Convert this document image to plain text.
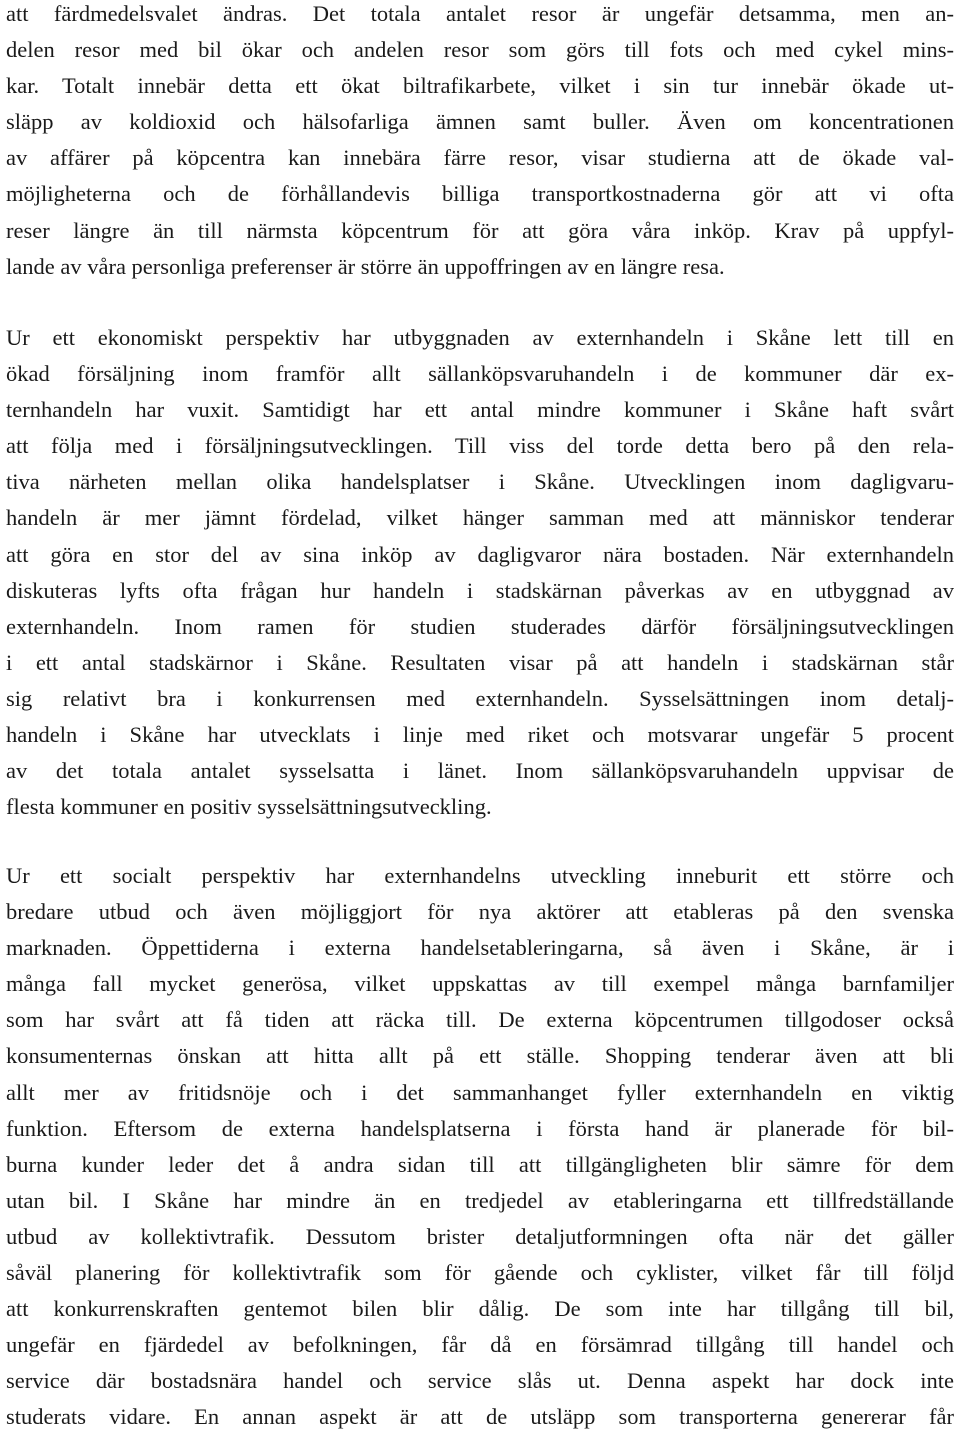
att färdmedelsvalet ändras. Det totala antalet resor är ungefär detsamma, men an-
delen resor med bil ökar och andelen resor som görs till fots och med cykel mins-
kar. Totalt innebär detta ett ökat biltrafikarbete, vilket i sin tur innebär ökade ut-
släpp av koldioxid och hälsofarliga ämnen samt buller. Även om koncentrationen
av affärer på köpcentra kan innebära färre resor, visar studierna att de ökade val-
möjligheterna och de förhållandevis billiga transportkostnaderna gör att vi ofta
reser längre än till närmsta köpcentrum för att göra våra inköp. Krav på uppfyl-
lande av våra personliga preferenser är större än uppoffringen av en längre resa.
Ur ett ekonomiskt perspektiv har utbyggnaden av externhandeln i Skåne lett till en
ökad försäljning inom framför allt sällanköpsvaruhandeln i de kommuner där ex-
ternhandeln har vuxit. Samtidigt har ett antal mindre kommuner i Skåne haft svårt
att följa med i försäljningsutvecklingen. Till viss del torde detta bero på den rela-
tiva närheten mellan olika handelsplatser i Skåne. Utvecklingen inom dagligvaru-
handeln är mer jämnt fördelad, vilket hänger samman med att människor tenderar
att göra en stor del av sina inköp av dagligvaror nära bostaden. När externhandeln
diskuteras lyfts ofta frågan hur handeln i stadskärnan påverkas av en utbyggnad av
externhandeln. Inom ramen för studien studerades därför försäljningsutvecklingen
i ett antal stadskärnor i Skåne. Resultaten visar på att handeln i stadskärnan står
sig relativt bra i konkurrensen med externhandeln. Sysselsättningen inom detalj-
handeln i Skåne har utvecklats i linje med riket och motsvarar ungefär 5 procent
av det totala antalet sysselsatta i länet. Inom sällanköpsvaruhandeln uppvisar de
flesta kommuner en positiv sysselsättningsutveckling.
Ur ett socialt perspektiv har externhandelns utveckling inneburit ett större och
bredare utbud och även möjliggjort för nya aktörer att etableras på den svenska
marknaden. Öppettiderna i externa handelsetableringarna, så även i Skåne, är i
många fall mycket generösa, vilket uppskattas av till exempel många barnfamiljer
som har svårt att få tiden att räcka till. De externa köpcentrumen tillgodoser också
konsumenternas önskan att hitta allt på ett ställe. Shopping tenderar även att bli
allt mer av fritidsnöje och i det sammanhanget fyller externhandeln en viktig
funktion. Eftersom de externa handelsplatserna i första hand är planerade för bil-
burna kunder leder det å andra sidan till att tillgängligheten blir sämre för dem
utan bil. I Skåne har mindre än en tredjedel av etableringarna ett tillfredställande
utbud av kollektivtrafik. Dessutom brister detaljutformningen ofta när det gäller
såväl planering för kollektivtrafik som för gående och cyklister, vilket får till följd
att konkurrenskraften gentemot bilen blir dålig. De som inte har tillgång till bil,
ungefär en fjärdedel av befolkningen, får då en försämrad tillgång till handel och
service där bostadsnära handel och service slås ut. Denna aspekt har dock inte
studerats vidare. En annan aspekt är att de utsläpp som transporterna genererar får
